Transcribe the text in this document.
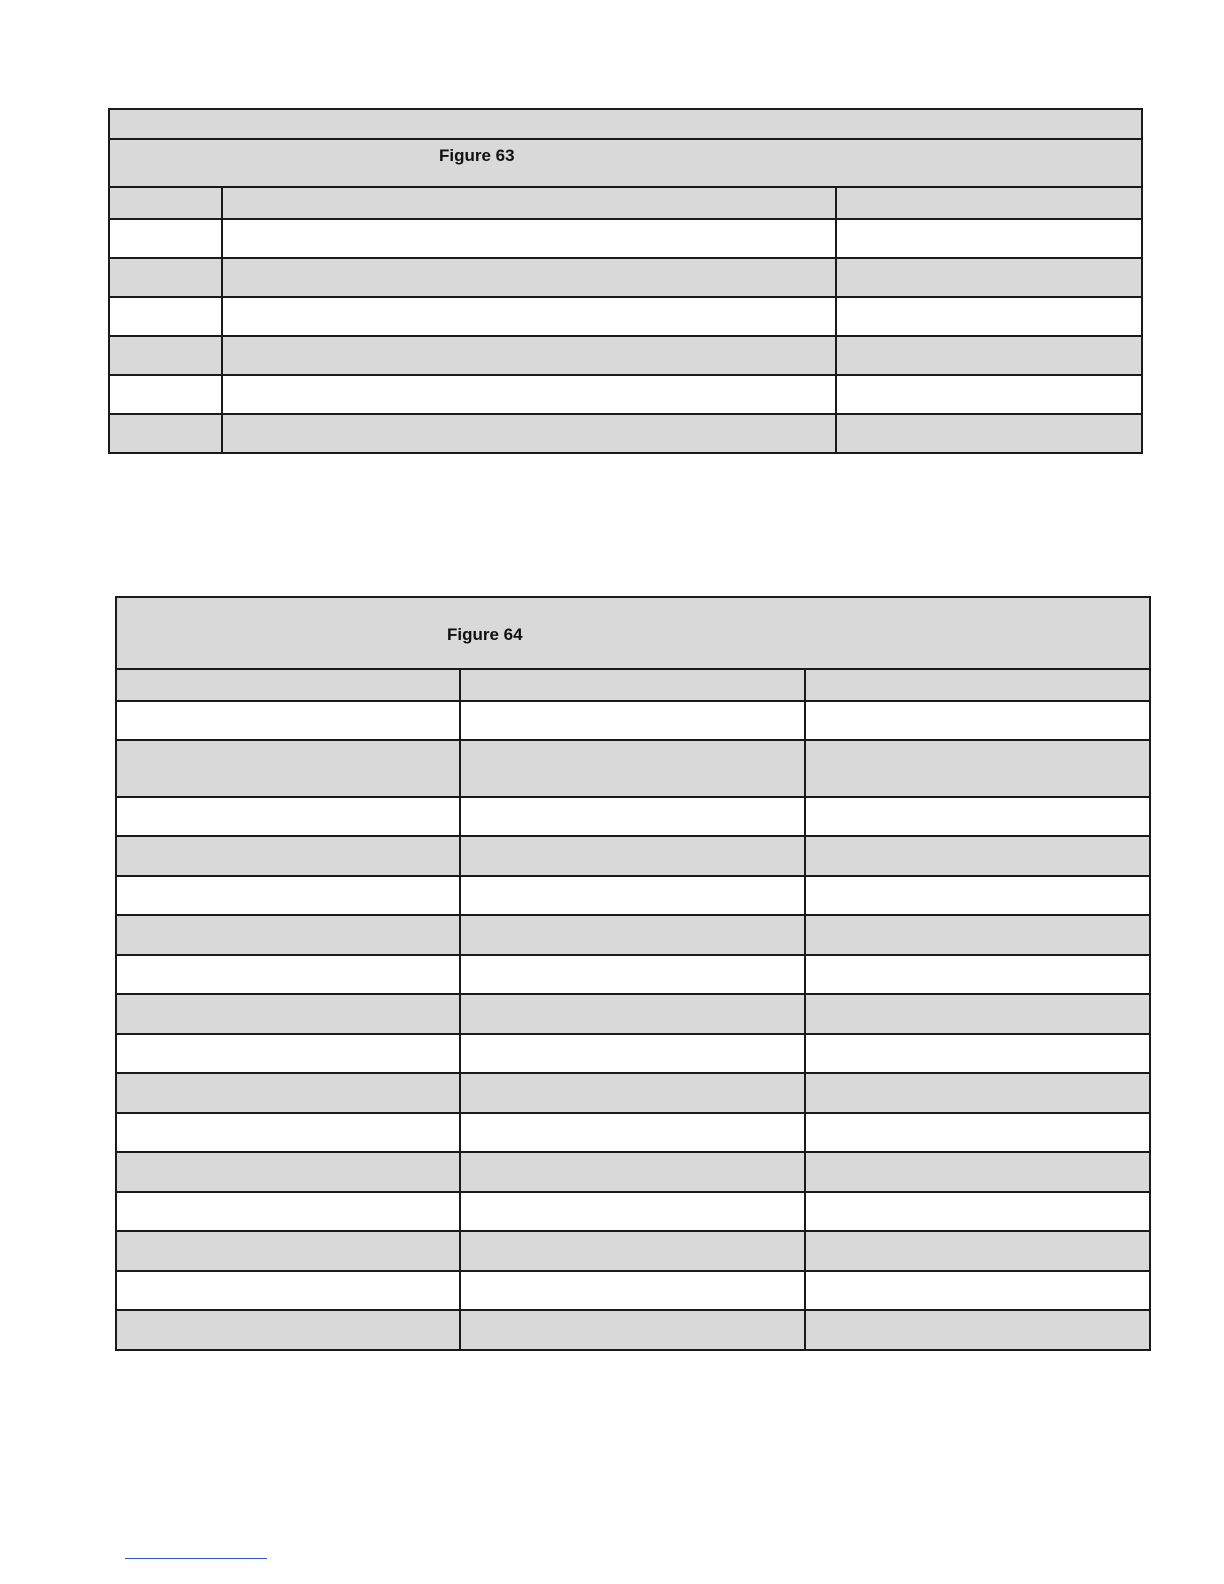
Figure 63		

Figure 64		
